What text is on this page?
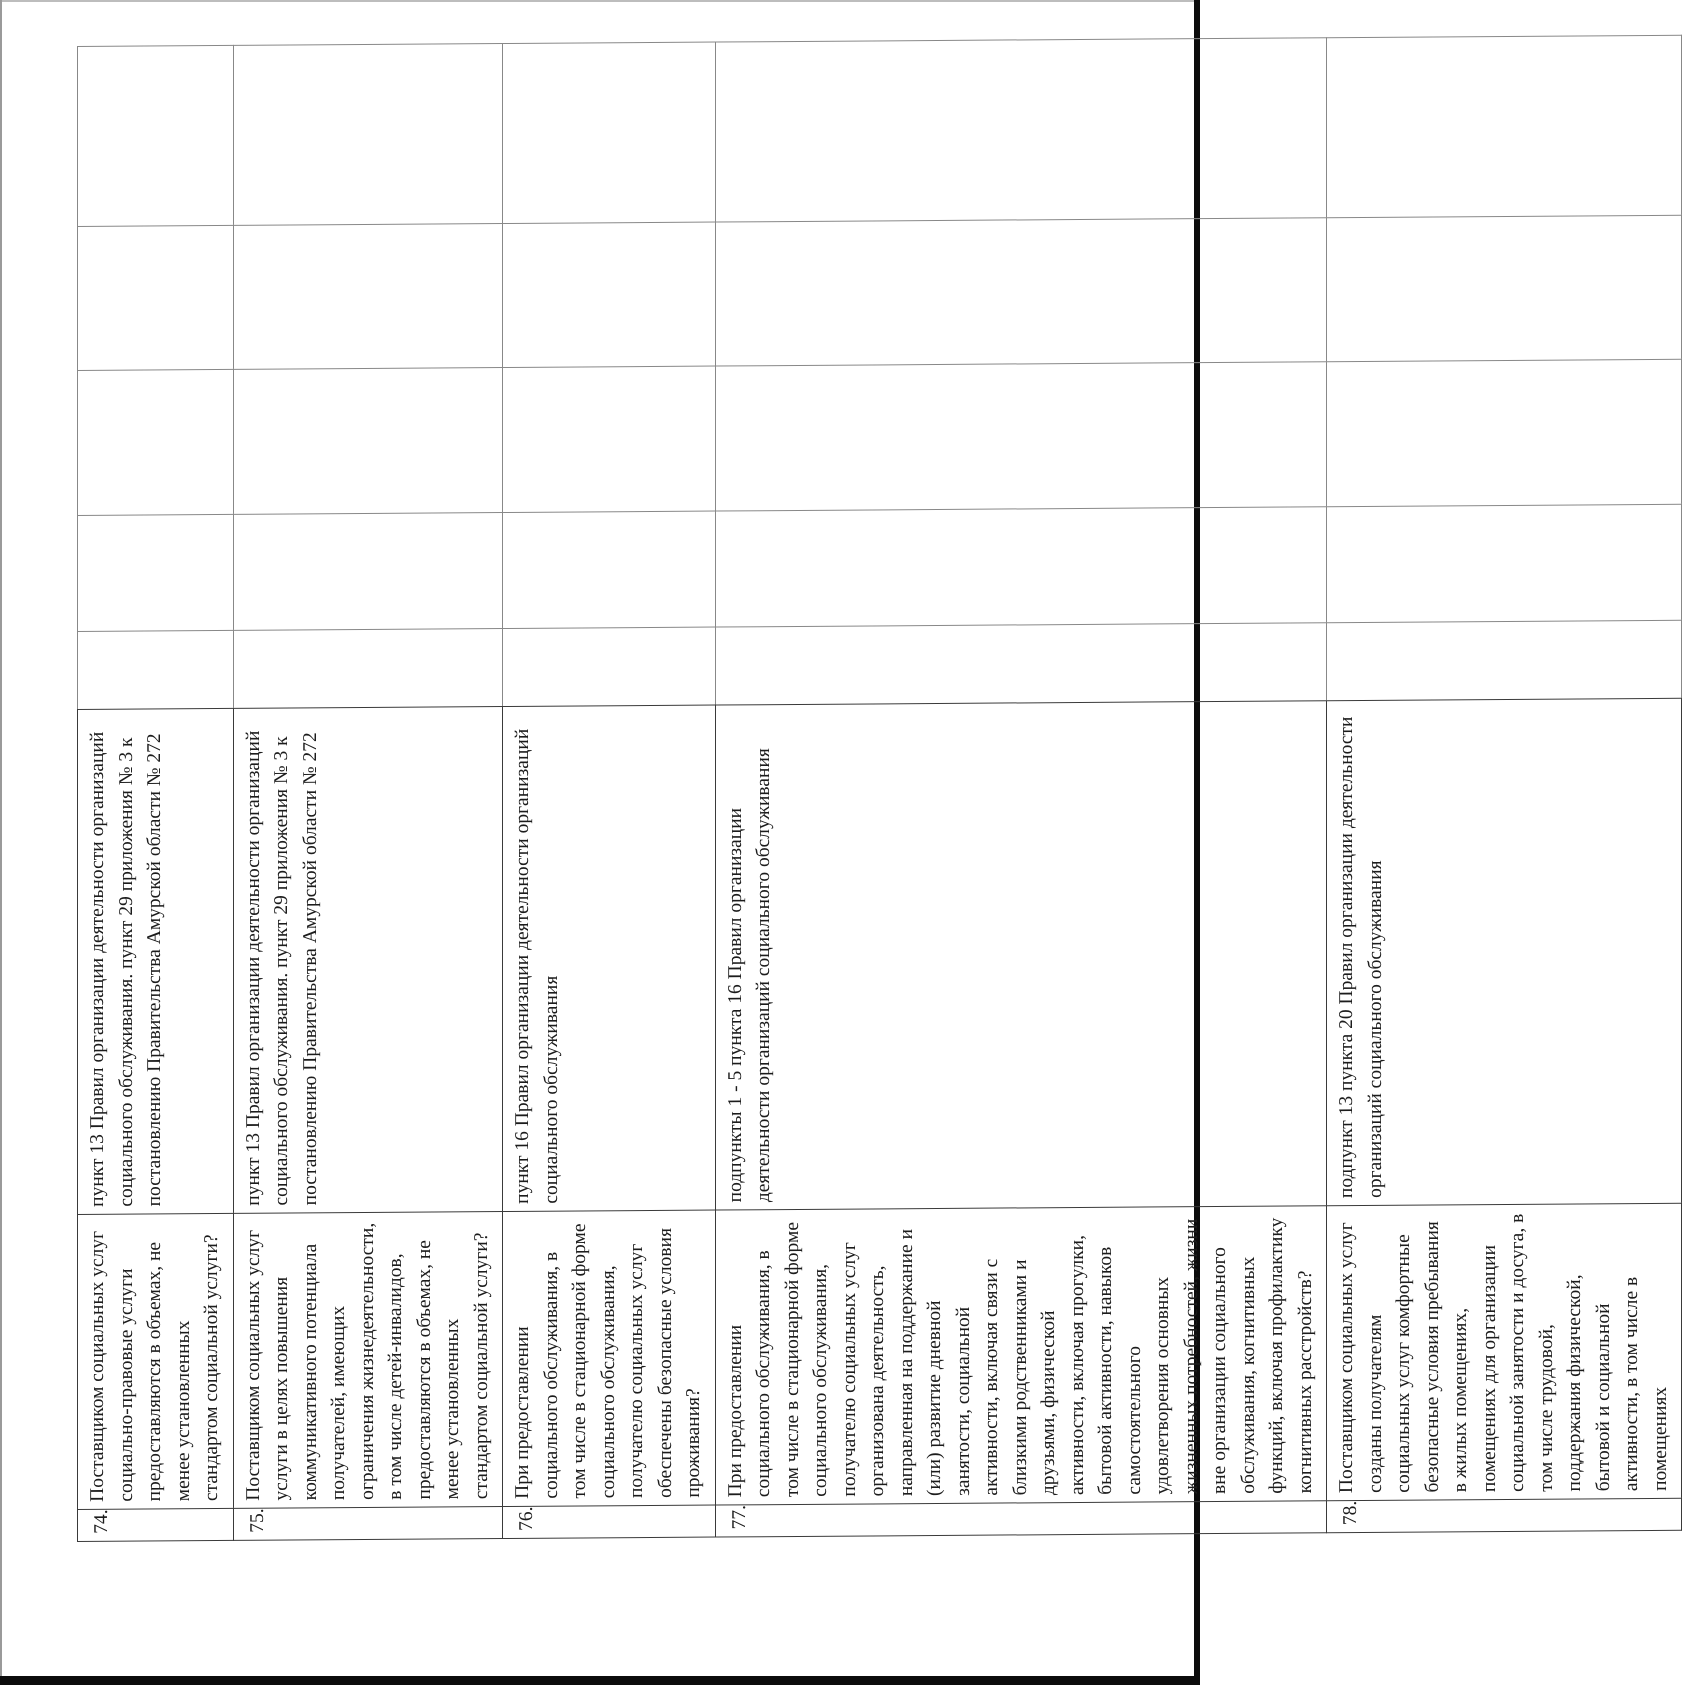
74.	Поставщиком социальных услуг социально-правовые услуги предоставляются в объемах, не менее установленных стандартом социальной услуги?	пункт 13 Правил организации деятельности организаций социального обслуживания. пункт 29 приложения № 3 к постановлению Правительства Амурской области № 272					
75.	Поставщиком социальных услуг услуги в целях повышения коммуникативного потенциала получателей, имеющих ограничения жизнедеятельности, в том числе детей-инвалидов, предоставляются в объемах, не менее установленных стандартом социальной услуги?	пункт 13 Правил организации деятельности организаций социального обслуживания. пункт 29 приложения № 3 к постановлению Правительства Амурской области № 272					
76.	При предоставлении социального обслуживания, в том числе в стационарной форме социального обслуживания, получателю социальных услуг обеспечены безопасные условия проживания?	пункт 16 Правил организации деятельности организаций социального обслуживания					
77.	При предоставлении социального обслуживания, в том числе в стационарной форме социального обслуживания, получателю социальных услуг организована деятельность, направленная на поддержание и (или) развитие дневной занятости, социальной активности, включая связи с близкими родственниками и друзьями, физической активности, включая прогулки, бытовой активности, навыков самостоятельного удовлетворения основных жизненных потребностей, жизни вне организации социального обслуживания, когнитивных функций, включая профилактику когнитивных расстройств?	подпункты 1 - 5 пункта 16 Правил организации деятельности организаций социального обслуживания					
78.	Поставщиком социальных услуг созданы получателям социальных услуг комфортные безопасные условия пребывания в жилых помещениях, помещениях для организации социальной занятости и досуга, в том числе трудовой, поддержания физической, бытовой и социальной активности, в том числе в помещениях	подпункт 13 пункта 20 Правил организации деятельности организаций социального обслуживания					
